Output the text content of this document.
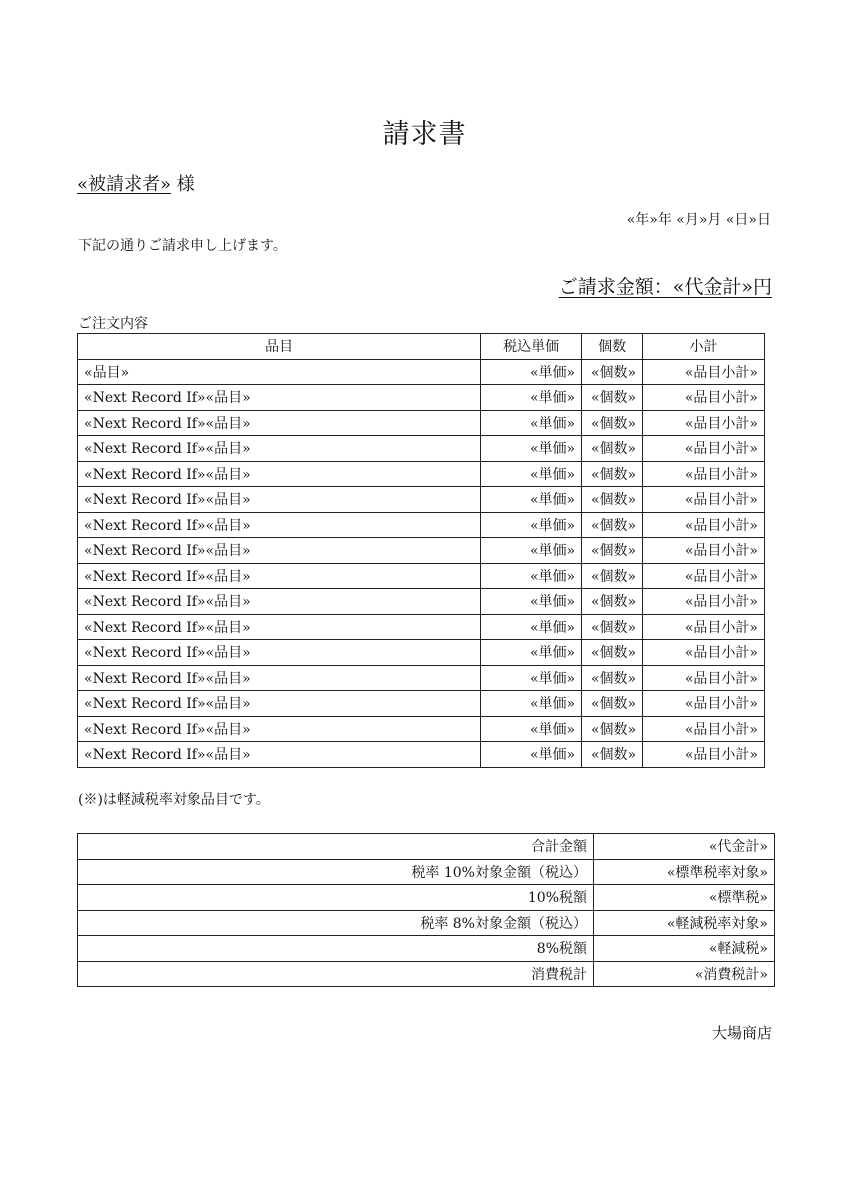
請求書
«被請求者» 様
«年»年 «月»月 «日»日
下記の通りご請求申し上げます。
ご請求金額：«代金計»円
ご注文内容
品目	税込単価	個数	小計
«品目»	«単価»	«個数»	«品目小計»
«Next Record If»«品目»	«単価»	«個数»	«品目小計»
«Next Record If»«品目»	«単価»	«個数»	«品目小計»
«Next Record If»«品目»	«単価»	«個数»	«品目小計»
«Next Record If»«品目»	«単価»	«個数»	«品目小計»
«Next Record If»«品目»	«単価»	«個数»	«品目小計»
«Next Record If»«品目»	«単価»	«個数»	«品目小計»
«Next Record If»«品目»	«単価»	«個数»	«品目小計»
«Next Record If»«品目»	«単価»	«個数»	«品目小計»
«Next Record If»«品目»	«単価»	«個数»	«品目小計»
«Next Record If»«品目»	«単価»	«個数»	«品目小計»
«Next Record If»«品目»	«単価»	«個数»	«品目小計»
«Next Record If»«品目»	«単価»	«個数»	«品目小計»
«Next Record If»«品目»	«単価»	«個数»	«品目小計»
«Next Record If»«品目»	«単価»	«個数»	«品目小計»
«Next Record If»«品目»	«単価»	«個数»	«品目小計»
(※)は軽減税率対象品目です。
合計金額	«代金計»
税率 10%対象金額（税込）	«標準税率対象»
10%税額	«標準税»
税率 8%対象金額（税込）	«軽減税率対象»
8%税額	«軽減税»
消費税計	«消費税計»
大場商店
